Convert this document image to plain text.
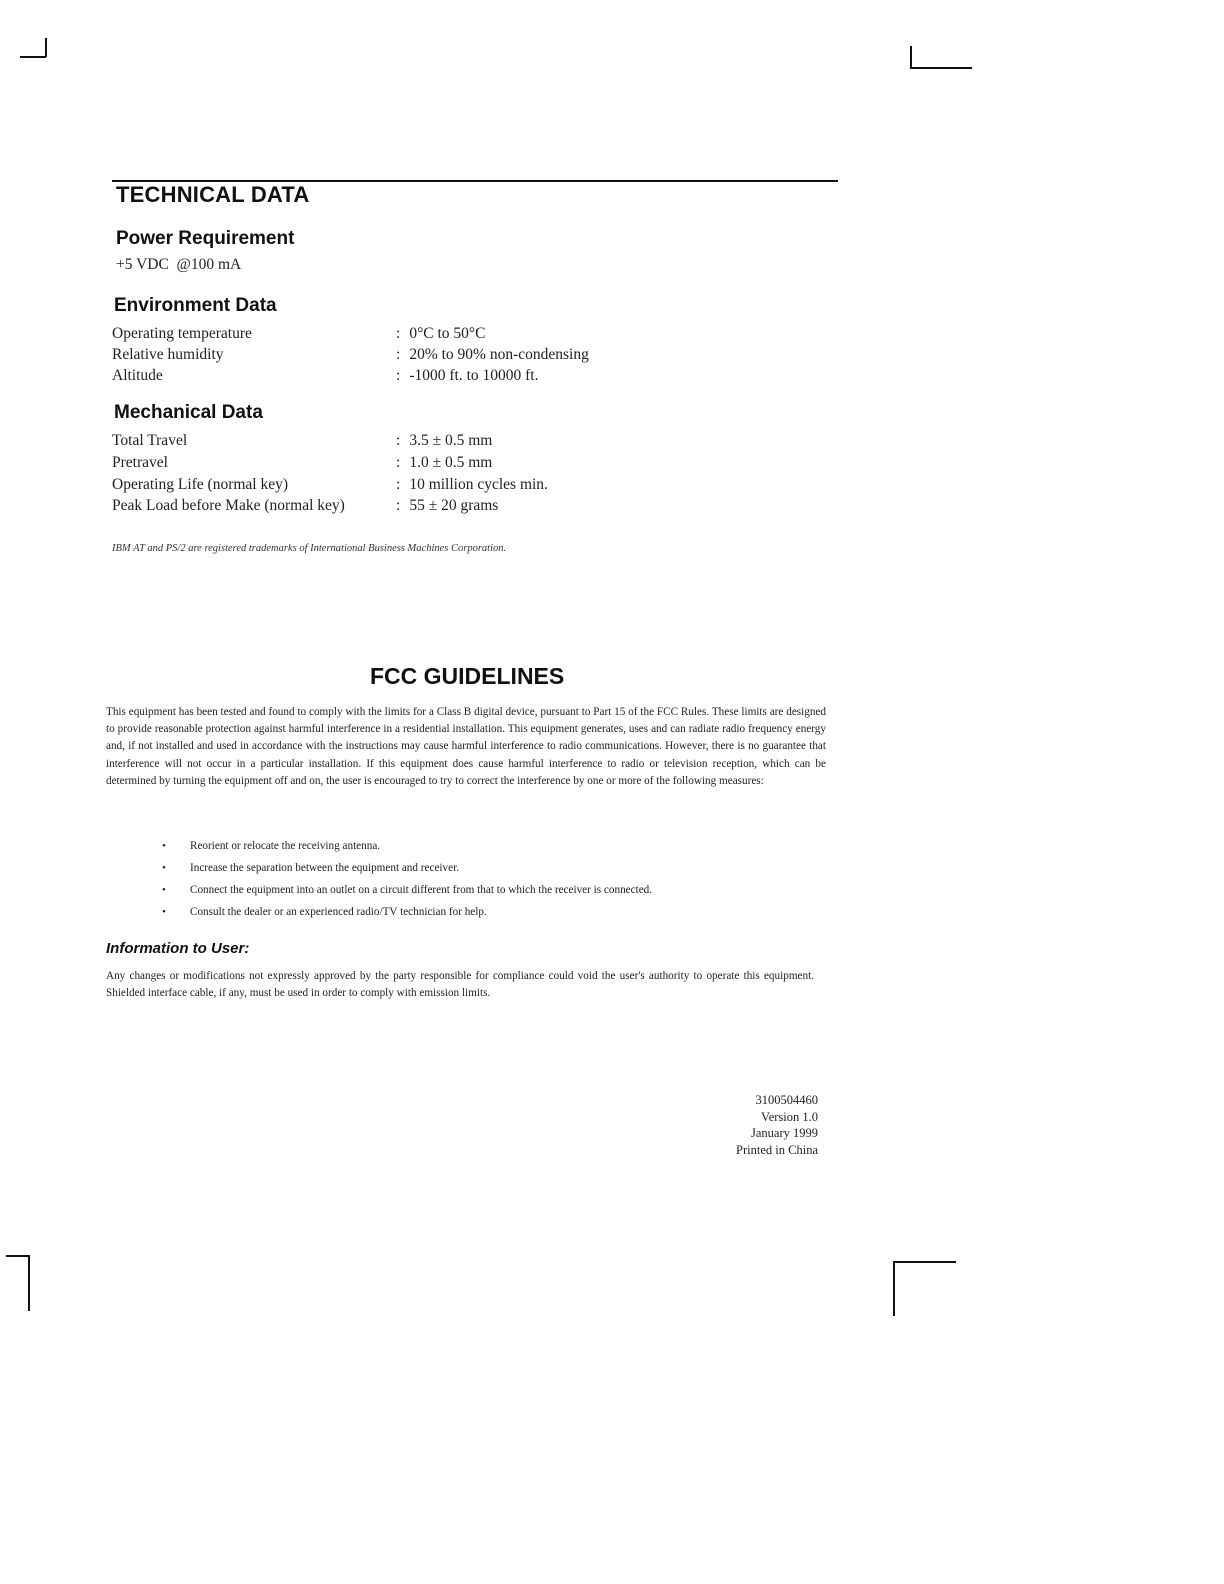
TECHNICAL DATA
Power Requirement
+5 VDC  @100 mA
Environment Data
Operating temperature	: 0°C to 50°C
Relative humidity	: 20% to 90% non-condensing
Altitude	: -1000 ft. to 10000 ft.
Mechanical Data
Total Travel	: 3.5 ± 0.5 mm
Pretravel	: 1.0 ± 0.5 mm
Operating Life (normal key)	: 10 million cycles min.
Peak Load before Make (normal key)	: 55 ± 20 grams
IBM AT and PS/2 are registered trademarks of International Business Machines Corporation.
FCC GUIDELINES
This equipment has been tested and found to comply with the limits for a Class B digital device, pursuant to Part 15 of the FCC Rules. These limits are designed to provide reasonable protection against harmful interference in a residential installation. This equipment generates, uses and can radiate radio frequency energy and, if not installed and used in accordance with the instructions may cause harmful interference to radio communications. However, there is no guarantee that interference will not occur in a particular installation. If this equipment does cause harmful interference to radio or television reception, which can be determined by turning the equipment off and on, the user is encouraged to try to correct the interference by one or more of the following measures:
• Reorient or relocate the receiving antenna.
• Increase the separation between the equipment and receiver.
• Connect the equipment into an outlet on a circuit different from that to which the receiver is connected.
• Consult the dealer or an experienced radio/TV technician for help.
Information to User:
Any changes or modifications not expressly approved by the party responsible for compliance could void the user's authority to operate this equipment. Shielded interface cable, if any, must be used in order to comply with emission limits.
3100504460
Version 1.0
January 1999
Printed in China
